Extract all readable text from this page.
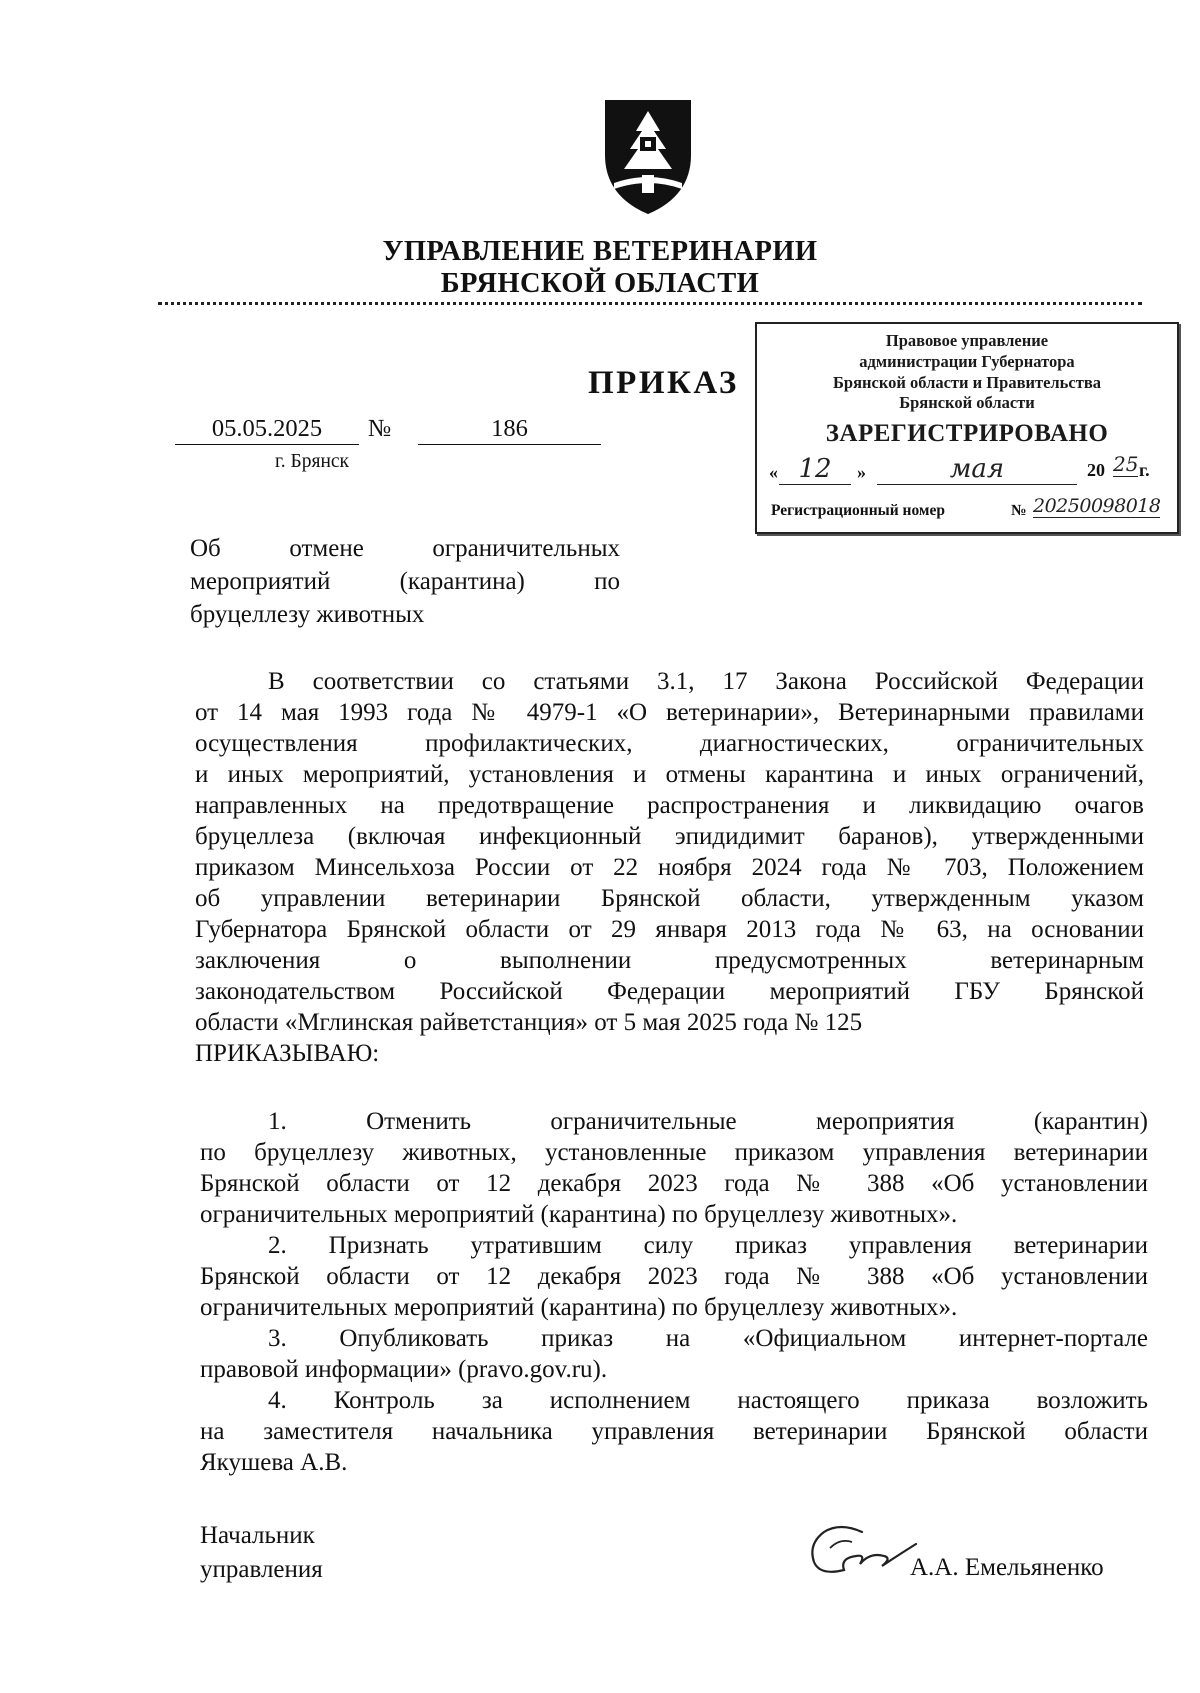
УПРАВЛЕНИЕ ВЕТЕРИНАРИИ
БРЯНСКОЙ ОБЛАСТИ
ПРИКАЗ
05.05.2025	№	186
г. Брянск
Правовое управление
администрации Губернатора
Брянской области и Правительства
Брянской области
ЗАРЕГИСТРИРОВАНО
« 12	»	мая	20 25 г.
Регистрационный номер	№ 20250098018
Об отмене ограничительных
мероприятий (карантина) по
бруцеллезу животных
В соответствии со статьями 3.1, 17 Закона Российской Федерации
от 14 мая 1993 года № 4979-1 «О ветеринарии», Ветеринарными правилами
осуществления профилактических, диагностических, ограничительных
и иных мероприятий, установления и отмены карантина и иных ограничений,
направленных на предотвращение распространения и ликвидацию очагов
бруцеллеза (включая инфекционный эпидидимит баранов), утвержденными
приказом Минсельхоза России от 22 ноября 2024 года № 703, Положением
об управлении ветеринарии Брянской области, утвержденным указом
Губернатора Брянской области от 29 января 2013 года № 63, на основании
заключения о выполнении предусмотренных ветеринарным
законодательством Российской Федерации мероприятий ГБУ Брянской
области «Мглинская райветстанция» от 5 мая 2025 года № 125
ПРИКАЗЫВАЮ:
1. Отменить ограничительные мероприятия (карантин)
по бруцеллезу животных, установленные приказом управления ветеринарии
Брянской области от 12 декабря 2023 года № 388 «Об установлении
ограничительных мероприятий (карантина) по бруцеллезу животных».
2. Признать утратившим силу приказ управления ветеринарии
Брянской области от 12 декабря 2023 года № 388 «Об установлении
ограничительных мероприятий (карантина) по бруцеллезу животных».
3. Опубликовать приказ на «Официальном интернет-портале
правовой информации» (pravo.gov.ru).
4. Контроль за исполнением настоящего приказа возложить
на заместителя начальника управления ветеринарии Брянской области
Якушева А.В.
Начальник
управления	А.А. Емельяненко
